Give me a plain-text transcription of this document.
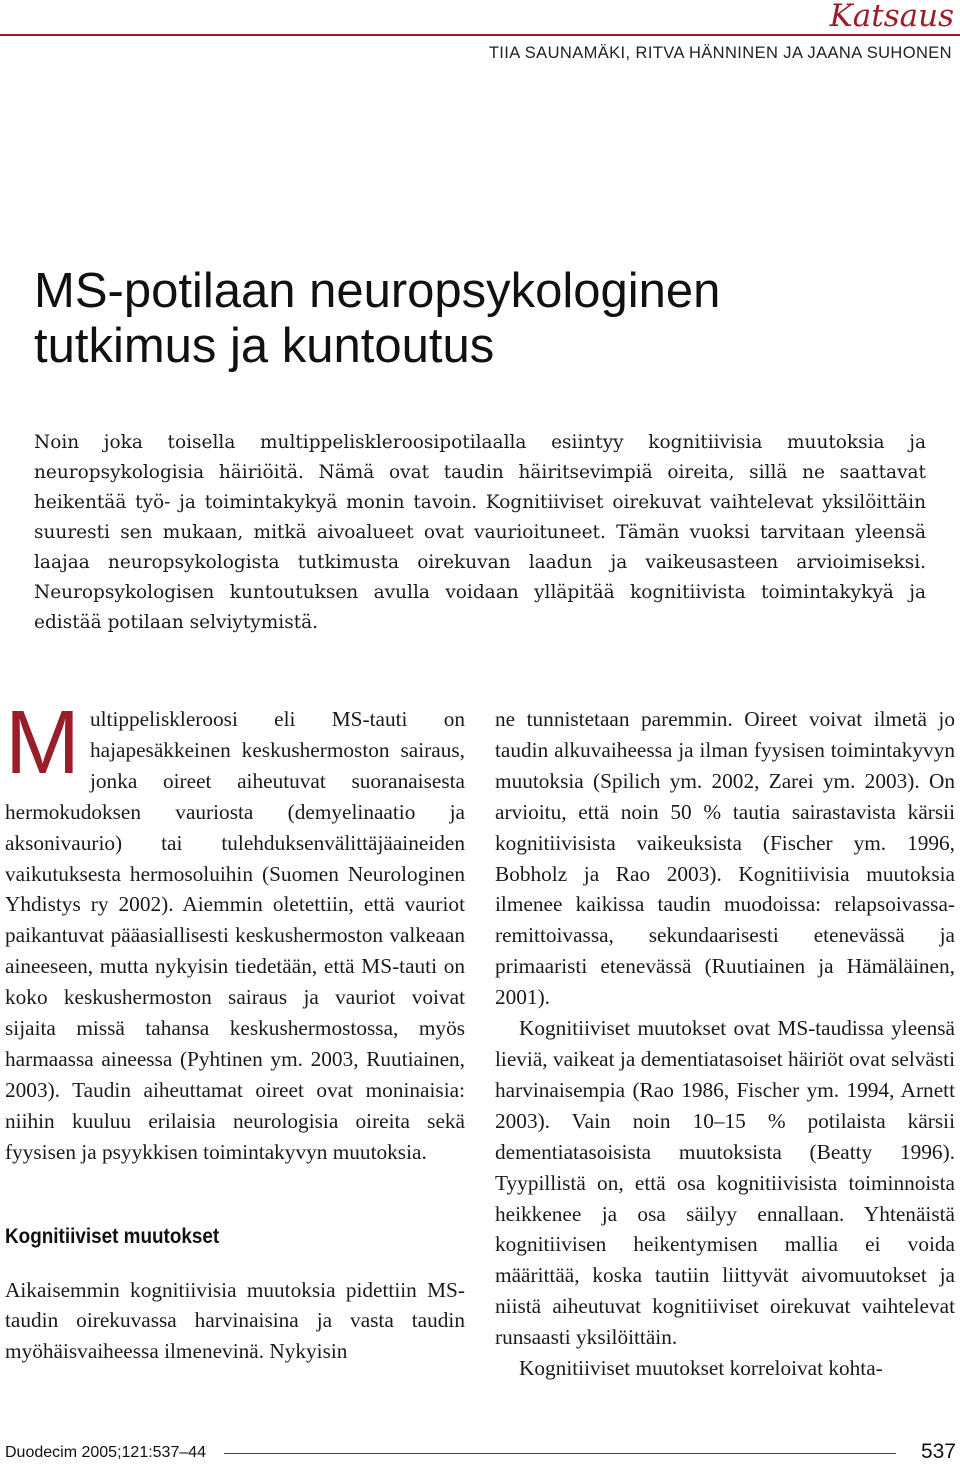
Katsaus

TIIA SAUNAMÄKI, RITVA HÄNNINEN JA JAANA SUHONEN

MS-potilaan neuropsykologinen
tutkimus ja kuntoutus

Noin joka toisella multippeliskleroosipotilaalla esiintyy kognitiivisia muutoksia ja neuropsykologisia häiriöitä. Nämä ovat taudin häiritsevimpiä oireita, sillä ne saattavat heikentää työ- ja toimintakykyä monin tavoin. Kognitiiviset oirekuvat vaihtelevat yksilöittäin suuresti sen mukaan, mitkä aivoalueet ovat vaurioituneet. Tämän vuoksi tarvitaan yleensä laajaa neuropsykologista tutkimusta oirekuvan laadun ja vaikeusasteen arvioimiseksi. Neuropsykologisen kuntoutuksen avulla voidaan ylläpitää kognitiivista toimintakykyä ja edistää potilaan selviytymistä.

Multippeliskleroosi eli MS-tauti on hajapesäkkeinen keskushermoston sairaus, jonka oireet aiheutuvat suoranaisesta hermokudoksen vauriosta (demyelinaatio ja aksonivaurio) tai tulehduksenvälittäjäaineiden vaikutuksesta hermosoluihin (Suomen Neurologinen Yhdistys ry 2002). Aiemmin oletettiin, että vauriot paikantuvat pääasiallisesti keskushermoston valkeaan aineeseen, mutta nykyisin tiedetään, että MS-tauti on koko keskushermoston sairaus ja vauriot voivat sijaita missä tahansa keskushermostossa, myös harmaassa aineessa (Pyhtinen ym. 2003, Ruutiainen, 2003). Taudin aiheuttamat oireet ovat moninaisia: niihin kuuluu erilaisia neurologisia oireita sekä fyysisen ja psyykkisen toimintakyvyn muutoksia.

Kognitiiviset muutokset

Aikaisemmin kognitiivisia muutoksia pidettiin MS-taudin oirekuvassa harvinaisina ja vasta taudin myöhäisvaiheessa ilmenevinä. Nykyisin

ne tunnistetaan paremmin. Oireet voivat ilmetä jo taudin alkuvaiheessa ja ilman fyysisen toimintakyvyn muutoksia (Spilich ym. 2002, Zarei ym. 2003). On arvioitu, että noin 50 % tautia sairastavista kärsii kognitiivisista vaikeuksista (Fischer ym. 1996, Bobholz ja Rao 2003). Kognitiivisia muutoksia ilmenee kaikissa taudin muodoissa: relapsoivassa-remittoivassa, sekundaarisesti etenevässä ja primaaristi etenevässä (Ruutiainen ja Hämäläinen, 2001).

Kognitiiviset muutokset ovat MS-taudissa yleensä lieviä, vaikeat ja dementiatasoiset häiriöt ovat selvästi harvinaisempia (Rao 1986, Fischer ym. 1994, Arnett 2003). Vain noin 10–15 % potilaista kärsii dementiatasoisista muutoksista (Beatty 1996). Tyypillistä on, että osa kognitiivisista toiminnoista heikkenee ja osa säilyy ennallaan. Yhtenäistä kognitiivisen heikentymisen mallia ei voida määrittää, koska tautiin liittyvät aivomuutokset ja niistä aiheutuvat kognitiiviset oirekuvat vaihtelevat runsaasti yksilöittäin.

Kognitiiviset muutokset korreloivat kohta-

Duodecim 2005;121:537–44	537
